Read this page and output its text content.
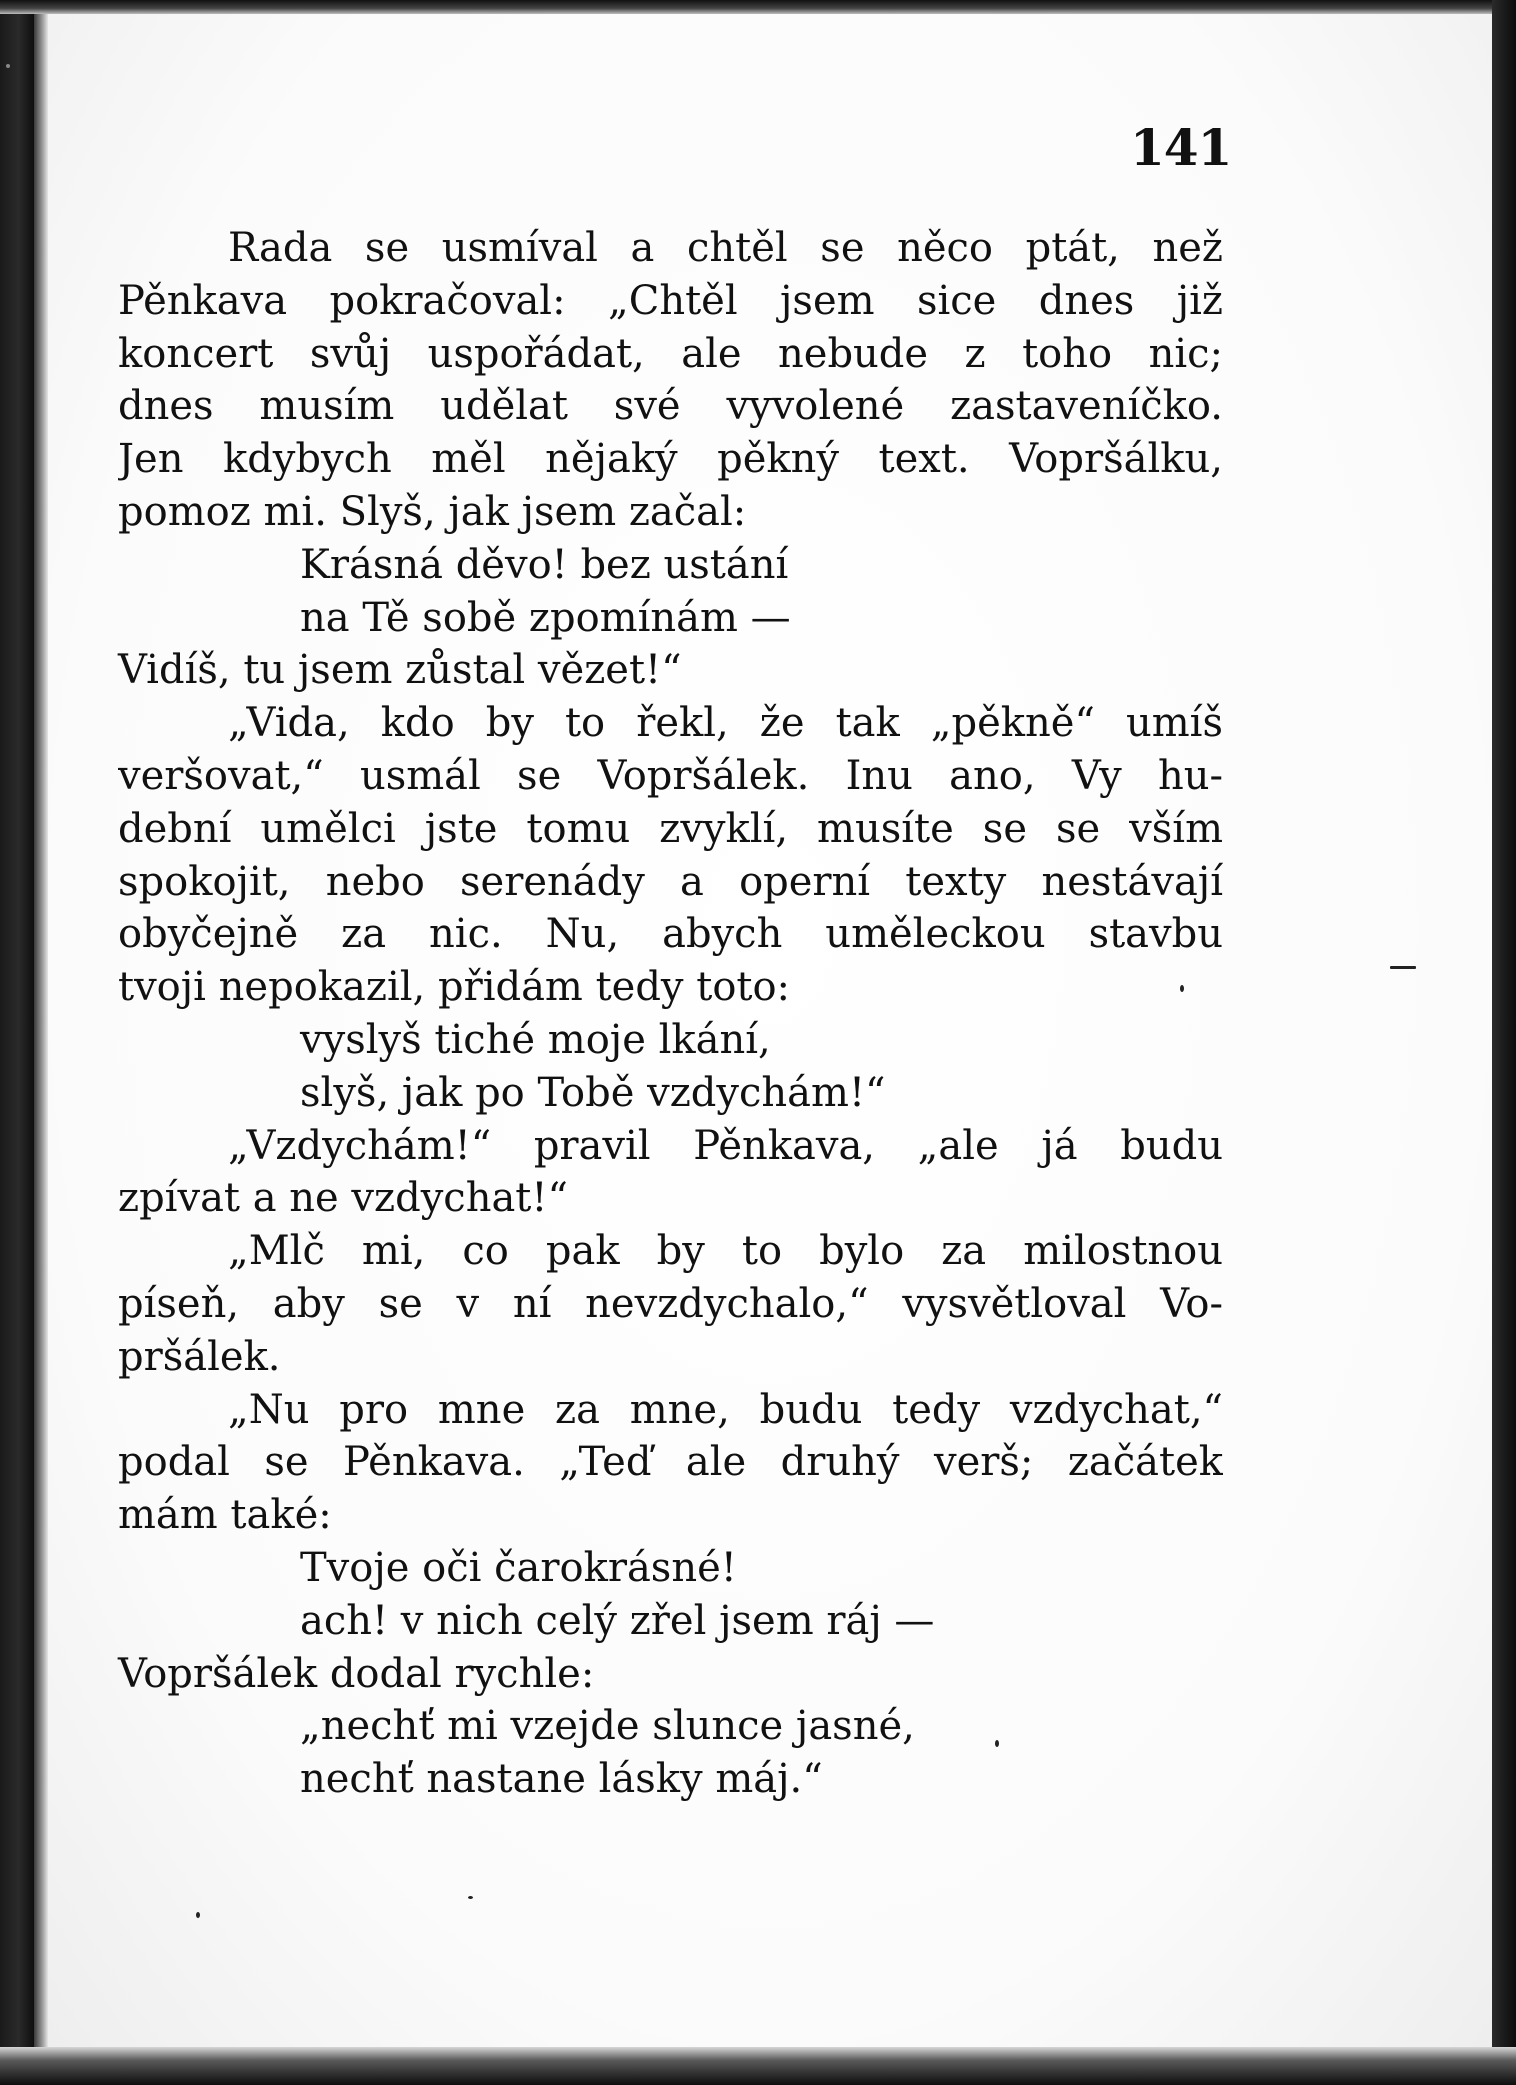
141
Rada se usmíval a chtěl se něco ptát, než
Pěnkava pokračoval: „Chtěl jsem sice dnes již
koncert svůj uspořádat, ale nebude z toho nic;
dnes musím udělat své vyvolené zastaveníčko.
Jen kdybych měl nějaký pěkný text. Vopršálku,
pomoz mi. Slyš, jak jsem začal:
Krásná děvo! bez ustání
na Tě sobě zpomínám —
Vidíš, tu jsem zůstal vězet!“
„Vida, kdo by to řekl, že tak „pěkně“ umíš
veršovat,“ usmál se Vopršálek. Inu ano, Vy hu-
dební umělci jste tomu zvyklí, musíte se se vším
spokojit, nebo serenády a operní texty nestávají
obyčejně za nic. Nu, abych uměleckou stavbu
tvoji nepokazil, přidám tedy toto:
vyslyš tiché moje lkání,
slyš, jak po Tobě vzdychám!“
„Vzdychám!“ pravil Pěnkava, „ale já budu
zpívat a ne vzdychat!“
„Mlč mi, co pak by to bylo za milostnou
píseň, aby se v ní nevzdychalo,“ vysvětloval Vo-
pršálek.
„Nu pro mne za mne, budu tedy vzdychat,“
podal se Pěnkava. „Teď ale druhý verš; začátek
mám také:
Tvoje oči čarokrásné!
ach! v nich celý zřel jsem ráj —
Vopršálek dodal rychle:
„nechť mi vzejde slunce jasné,
nechť nastane lásky máj.“
